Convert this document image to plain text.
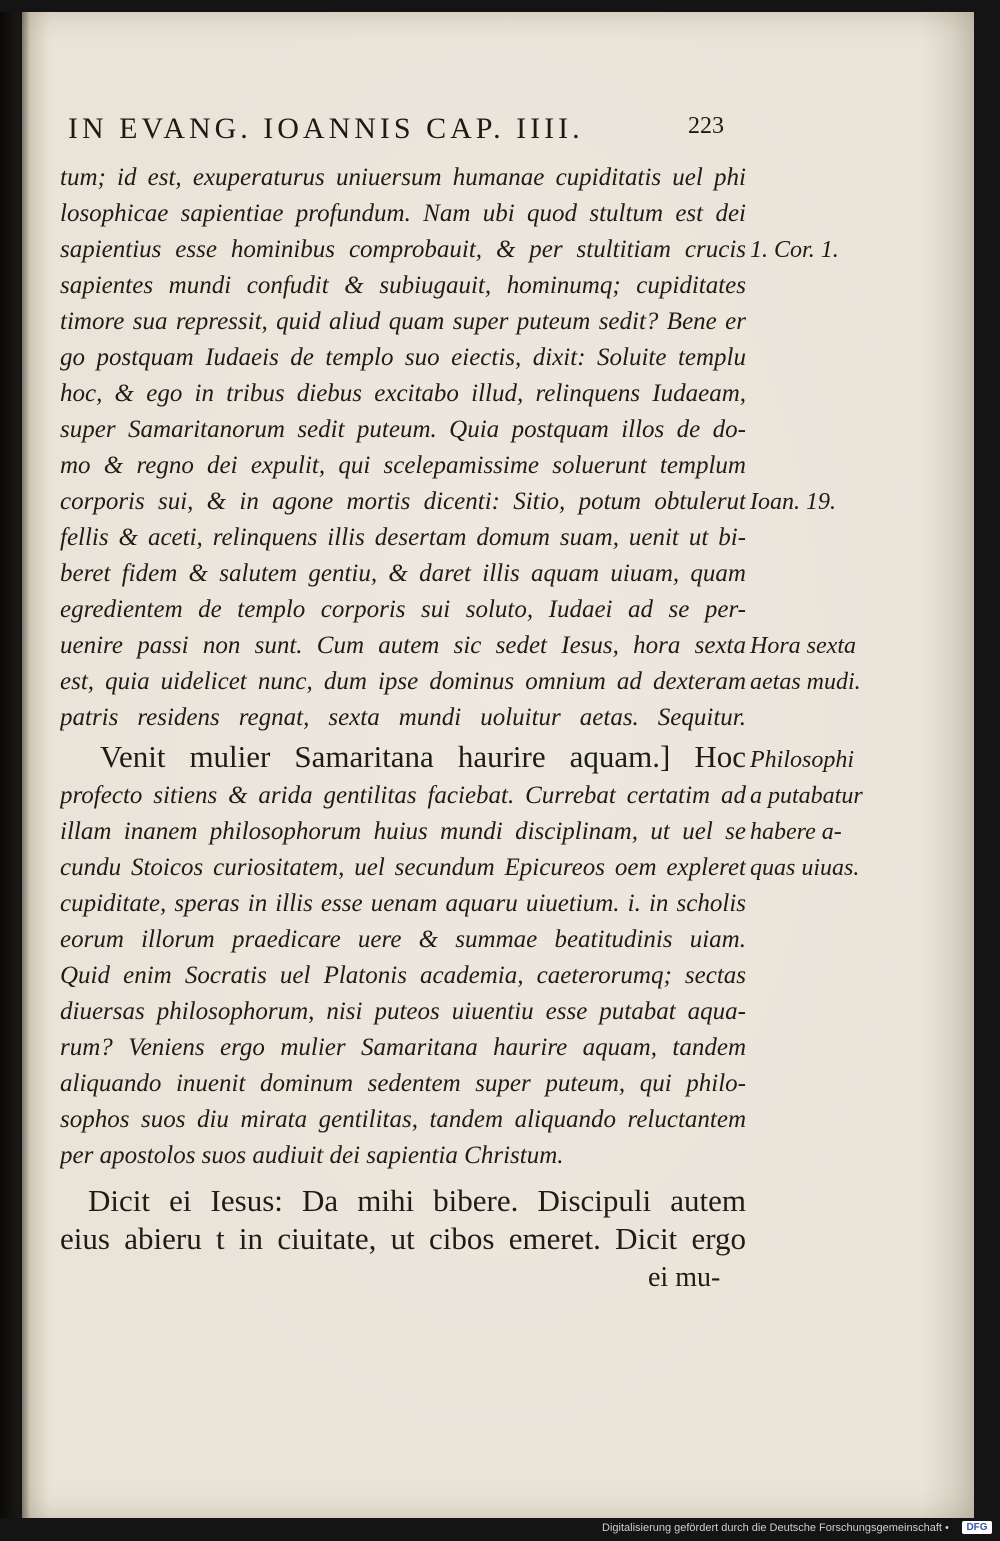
IN EVANG. IOANNIS CAP. IIII.	223
tum; id est, exuperaturus uniuersum humanae cupiditatis uel phi
losophicae sapientiae profundum. Nam ubi quod stultum est dei
sapientius esse hominibus comprobauit, & per stultitiam crucis
sapientes mundi confudit & subiugauit, hominumq; cupiditates
timore sua repressit, quid aliud quam super puteum sedit? Bene er
go postquam Iudaeis de templo suo eiectis, dixit: Soluite templu
hoc, & ego in tribus diebus excitabo illud, relinquens Iudaeam,
super Samaritanorum sedit puteum. Quia postquam illos de do-
mo & regno dei expulit, qui scelератissime soluerunt templum
corporis sui, & in agone mortis dicenti: Sitio, potum obtulerut
fellis & aceti, relinquens illis desertam domum suam, uenit ut bi-
beret fidem & salutem gentiu, & daret illis aquam uiuam, quam
egredientem de templo corporis sui soluto, Iudaei ad se per-
uenire passi non sunt. Cum autem sic sedet Iesus, hora sexta
est, quia uidelicet nunc, dum ipse dominus omnium ad dexteram
patris residens regnat, sexta mundi uoluitur aetas. Sequitur.
Venit mulier Samaritana haurire aquam.] Hoc
profecto sitiens & arida gentilitas faciebat. Currebat certatim ad
illam inanem philosophorum huius mundi disciplinam, ut uel se
cundu Stoicos curiositatem, uel secundum Epicureos oem expleret
cupiditate, speras in illis esse uenam aquaru uiuetium. i. in scholis
eorum illorum praedicare uere & summae beatitudinis uiam.
Quid enim Socratis uel Platonis academia, caeterorumq; sectas
diuersas philosophorum, nisi puteos uiuentiu esse putabat aqua-
rum? Veniens ergo mulier Samaritana haurire aquam, tandem
aliquando inuenit dominum sedentem super puteum, qui philo-
sophos suos diu mirata gentilitas, tandem aliquando reluctantem
per apostolos suos audiuit dei sapientia Christum.
Dicit ei Iesus: Da mihi bibere. Discipuli autem
eius abieru t in ciuitate, ut cibos emeret. Dicit ergo
ei mu-
1. Cor. 1.
Ioan. 19.
Hora sexta
aetas mudi.
Philosophi
a putabatur
habere a-
quas uiuas.
Digitalisierung gefördert durch die Deutsche Forschungsgemeinschaft •	DFG
